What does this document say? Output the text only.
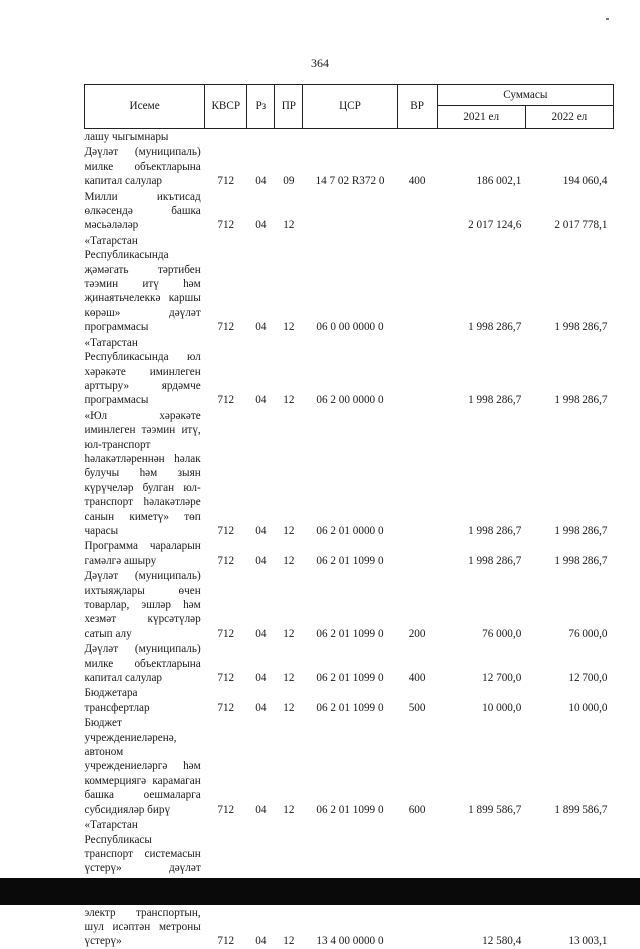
364
Исеме	КВСР	Рз	ПР	ЦСР	ВР	Суммасы	
						2021 ел	2022 ел
лашу чыгымнары							
Дәүләт (муниципаль) милке объектларына капитал салулар	712	04	09	14 7 02 R372 0	400	186 002,1	194 060,4
Милли икътисад өлкәсендә башка мәсьәләләр	712	04	12			2 017 124,6	2 017 778,1
«Татарстан Республикасында җәмәгать тәртибен тәэмин итү һәм җинаятьчелеккә каршы көрәш» дәүләт программасы	712	04	12	06 0 00 0000 0		1 998 286,7	1 998 286,7
«Татарстан Республикасында юл хәрәкәте иминлеген арттыру» ярдәмче программасы	712	04	12	06 2 00 0000 0		1 998 286,7	1 998 286,7
«Юл хәрәкәте иминлеген тәэмин итү, юл-транспорт һәлакәтләреннән һәлак булучы һәм зыян күрүчеләр булган юл-транспорт һәлакәтләре санын киметү» төп чарасы	712	04	12	06 2 01 0000 0		1 998 286,7	1 998 286,7
Программа чараларын гамәлгә ашыру	712	04	12	06 2 01 1099 0		1 998 286,7	1 998 286,7
Дәүләт (муниципаль) ихтыяҗлары өчен товарлар, эшләр һәм хезмәт күрсәтүләр сатып алу	712	04	12	06 2 01 1099 0	200	76 000,0	76 000,0
Дәүләт (муниципаль) милке объектларына капитал салулар	712	04	12	06 2 01 1099 0	400	12 700,0	12 700,0
Бюджетара трансфертлар	712	04	12	06 2 01 1099 0	500	10 000,0	10 000,0
Бюджет учреждениеләренә, автоном учреждениеләргә һәм коммерциягә карамаган башка оешмаларга субсидияләр бирү	712	04	12	06 2 01 1099 0	600	1 899 586,7	1 899 586,7
«Татарстан Республикасы транспорт системасын үстерү» дәүләт							
электр транспортын, шул исәптән метроны үстерү»	712	04	12	13 4 00 0000 0		12 580,4	13 003,1
